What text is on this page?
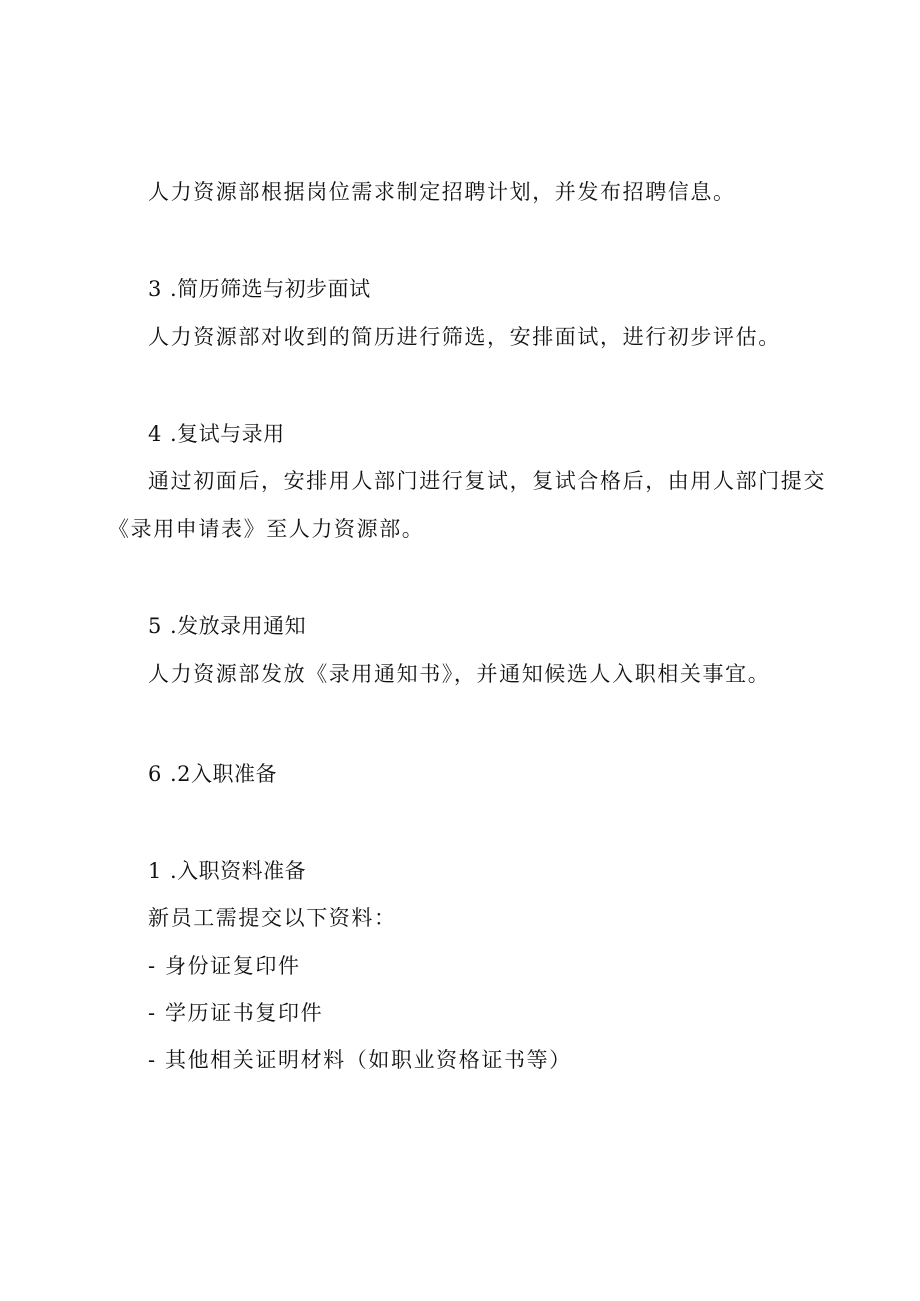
人力资源部根据岗位需求制定招聘计划，并发布招聘信息。
3 .简历筛选与初步面试
人力资源部对收到的简历进行筛选，安排面试，进行初步评估。
4 .复试与录用
通过初面后，安排用人部门进行复试，复试合格后，由用人部门提交
《录用申请表》至人力资源部。
5 .发放录用通知
人力资源部发放《录用通知书》，并通知候选人入职相关事宜。
6 .2入职准备
1 .入职资料准备
新员工需提交以下资料：
- 身份证复印件
- 学历证书复印件
- 其他相关证明材料（如职业资格证书等）
